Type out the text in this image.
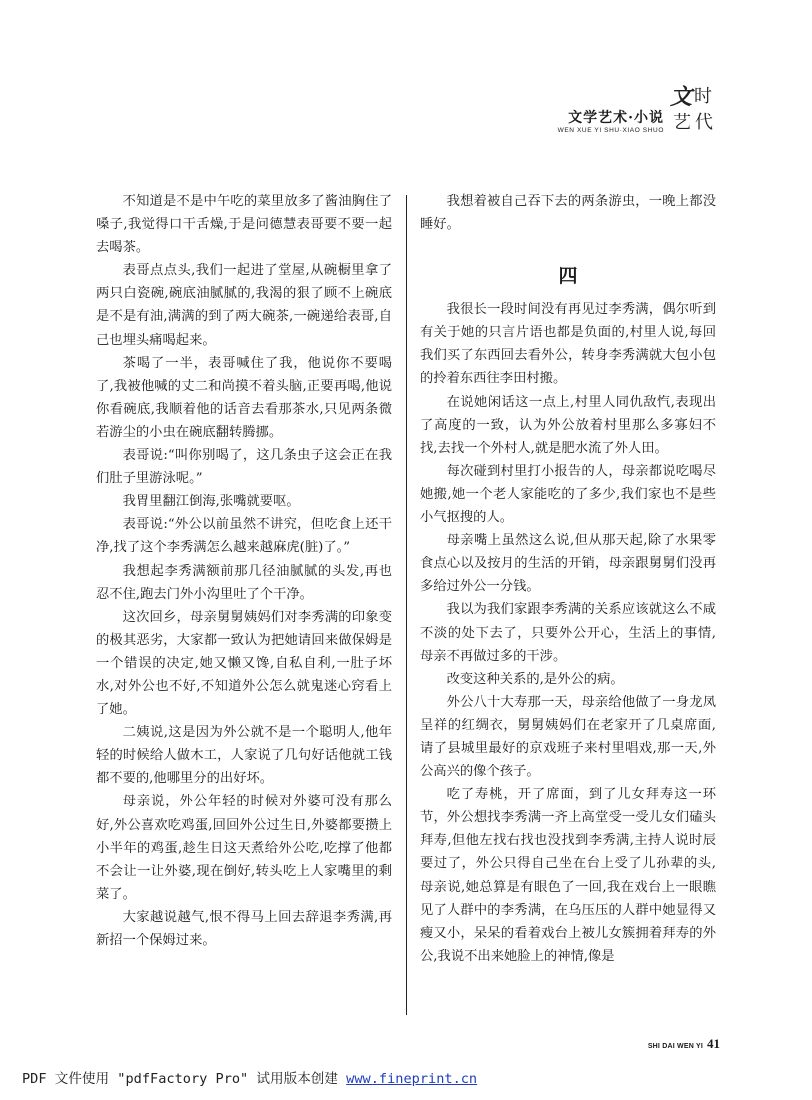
文学艺术·小说
WEN XUE YI SHU·XIAO SHUO
文 时
艺 代

不知道是不是中午吃的菜里放多了酱油胸住了嗓子,我觉得口干舌燥,于是问德慧表哥要不要一起去喝茶。

表哥点点头,我们一起进了堂屋,从碗橱里拿了两只白瓷碗,碗底油腻腻的,我渴的狠了顾不上碗底是不是有油,满满的到了两大碗茶,一碗递给表哥,自己也埋头痛喝起来。

茶喝了一半，表哥喊住了我，他说你不要喝了,我被他喊的丈二和尚摸不着头脑,正要再喝,他说你看碗底,我顺着他的话音去看那茶水,只见两条微若游尘的小虫在碗底翻转腾挪。

表哥说:“叫你别喝了，这几条虫子这会正在我们肚子里游泳呢。”

我胃里翻江倒海,张嘴就要呕。

表哥说:“外公以前虽然不讲究，但吃食上还干净,找了这个李秀满怎么越来越麻虎(脏)了。”

我想起李秀满额前那几径油腻腻的头发,再也忍不住,跑去门外小沟里吐了个干净。

这次回乡，母亲舅舅姨妈们对李秀满的印象变的极其恶劣，大家都一致认为把她请回来做保姆是一个错误的决定,她又懒又馋,自私自利,一肚子坏水,对外公也不好,不知道外公怎么就鬼迷心窍看上了她。

二姨说,这是因为外公就不是一个聪明人,他年轻的时候给人做木工，人家说了几句好话他就工钱都不要的,他哪里分的出好坏。

母亲说，外公年轻的时候对外婆可没有那么好,外公喜欢吃鸡蛋,回回外公过生日,外婆都要攒上小半年的鸡蛋,趁生日这天煮给外公吃,吃撑了他都不会让一让外婆,现在倒好,转头吃上人家嘴里的剩菜了。

大家越说越气,恨不得马上回去辞退李秀满,再新招一个保姆过来。

我想着被自己吞下去的两条游虫，一晚上都没睡好。

四

我很长一段时间没有再见过李秀满，偶尔听到有关于她的只言片语也都是负面的,村里人说,每回我们买了东西回去看外公，转身李秀满就大包小包的拎着东西往李田村搬。

在说她闲话这一点上,村里人同仇敌忾,表现出了高度的一致，认为外公放着村里那么多寡妇不找,去找一个外村人,就是肥水流了外人田。

每次碰到村里打小报告的人，母亲都说吃喝尽她搬,她一个老人家能吃的了多少,我们家也不是些小气抠搜的人。

母亲嘴上虽然这么说,但从那天起,除了水果零食点心以及按月的生活的开销，母亲跟舅舅们没再多给过外公一分钱。

我以为我们家跟李秀满的关系应该就这么不咸不淡的处下去了，只要外公开心，生活上的事情,母亲不再做过多的干涉。

改变这种关系的,是外公的病。

外公八十大寿那一天，母亲给他做了一身龙凤呈祥的红绸衣，舅舅姨妈们在老家开了几桌席面,请了县城里最好的京戏班子来村里唱戏,那一天,外公高兴的像个孩子。

吃了寿桃，开了席面，到了儿女拜寿这一环节，外公想找李秀满一齐上高堂受一受儿女们磕头拜寿,但他左找右找也没找到李秀满,主持人说时辰要过了，外公只得自己坐在台上受了儿孙辈的头,母亲说,她总算是有眼色了一回,我在戏台上一眼瞧见了人群中的李秀满，在乌压压的人群中她显得又瘦又小，呆呆的看着戏台上被儿女簇拥着拜寿的外公,我说不出来她脸上的神情,像是

SHI DAI WEN YI 41
PDF 文件使用 "pdfFactory Pro" 试用版本创建 www.fineprint.cn
